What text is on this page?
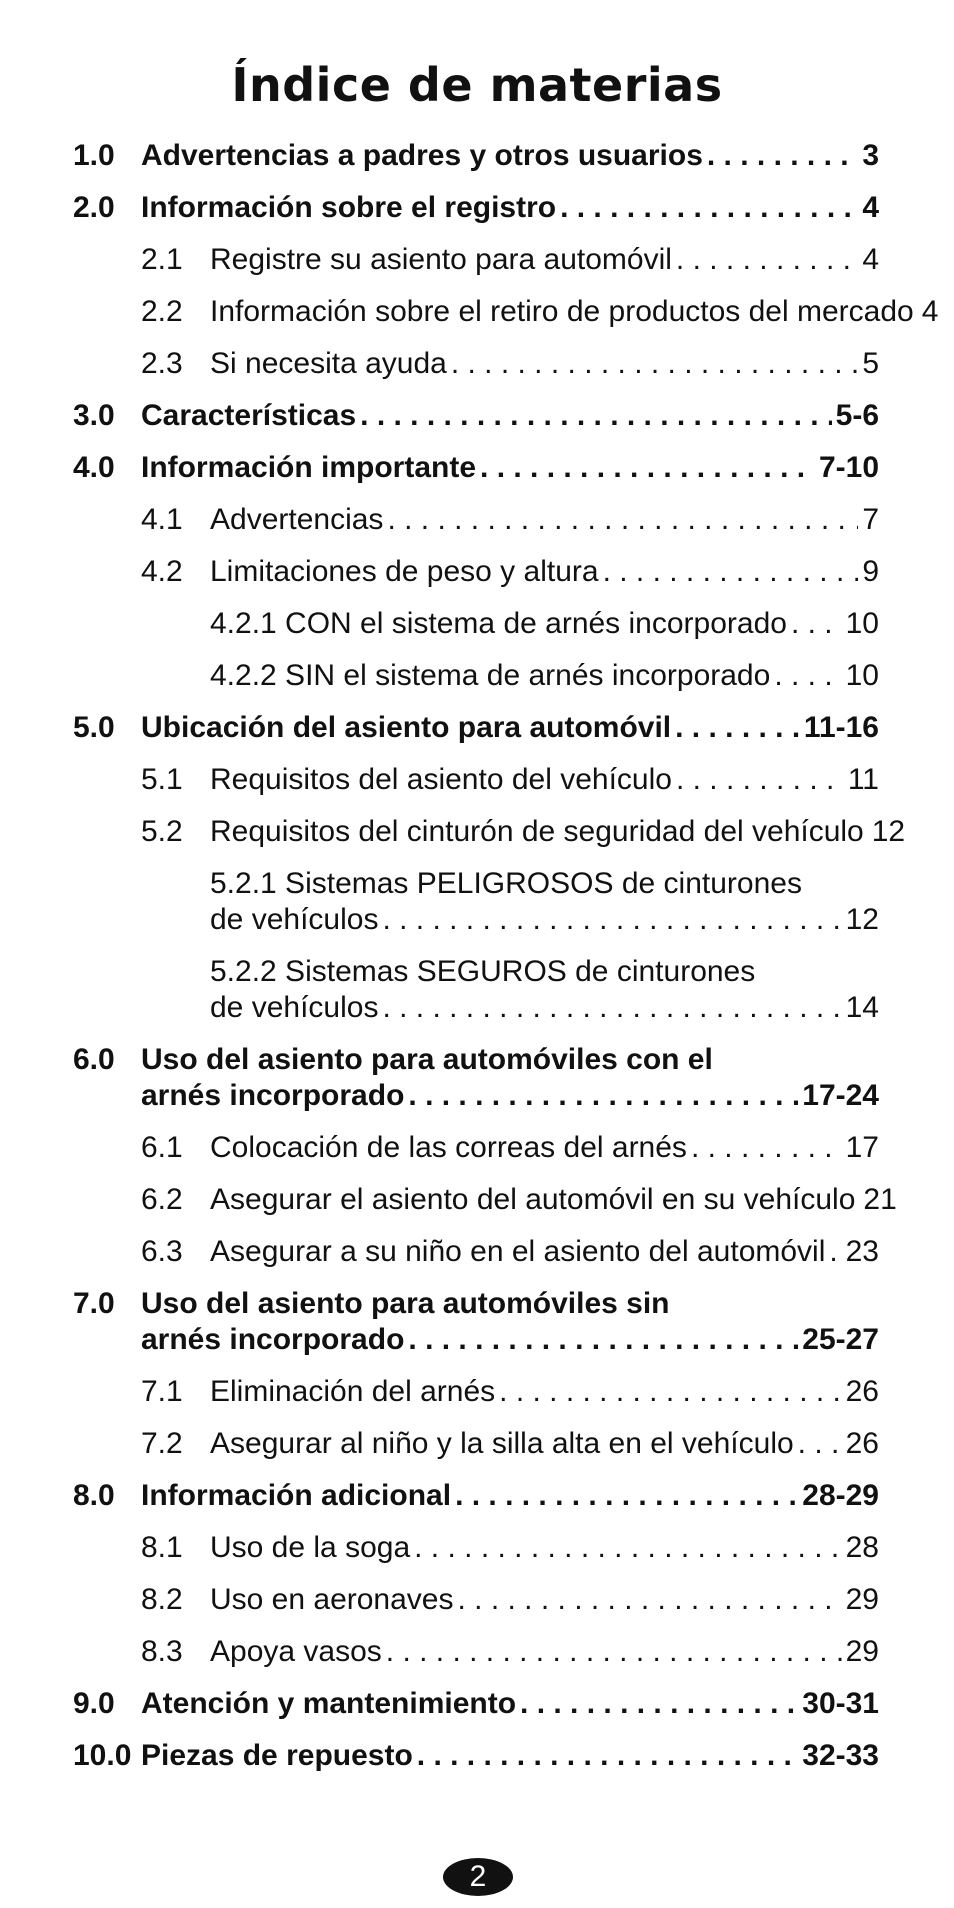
Índice de materias
1.0 Advertencias a padres y otros usuarios . . .	3
2.0 Información sobre el registro . . .	4
2.1 Registre su asiento para automóvil . . .	4
2.2 Información sobre el retiro de productos del mercado 4
2.3 Si necesita ayuda . . .	5
3.0 Características . . .	5-6
4.0 Información importante . . .	7-10
4.1 Advertencias . . .	7
4.2 Limitaciones de peso y altura . . .	9
4.2.1 CON el sistema de arnés incorporado . . . 10
4.2.2 SIN el sistema de arnés incorporado . . .	10
5.0 Ubicación del asiento para automóvil . . .	11-16
5.1 Requisitos del asiento del vehículo . . .	11
5.2 Requisitos del cinturón de seguridad del vehículo 12
5.2.1 Sistemas PELIGROSOS de cinturones
de vehículos . . .	12
5.2.2 Sistemas SEGUROS de cinturones
de vehículos . . .	14
6.0 Uso del asiento para automóviles con el
arnés incorporado . . .	17-24
6.1 Colocación de las correas del arnés . . .	17
6.2 Asegurar el asiento del automóvil en su vehículo 21
6.3 Asegurar a su niño en el asiento del automóvil . . . 23
7.0 Uso del asiento para automóviles sin
arnés incorporado . . .	25-27
7.1 Eliminación del arnés . . .	26
7.2 Asegurar al niño y la silla alta en el vehículo . . . 26
8.0 Información adicional . . .	28-29
8.1 Uso de la soga . . .	28
8.2 Uso en aeronaves . . .	29
8.3 Apoya vasos . . .	29
9.0 Atención y mantenimiento . . .	30-31
10.0 Piezas de repuesto . . .	32-33
2
